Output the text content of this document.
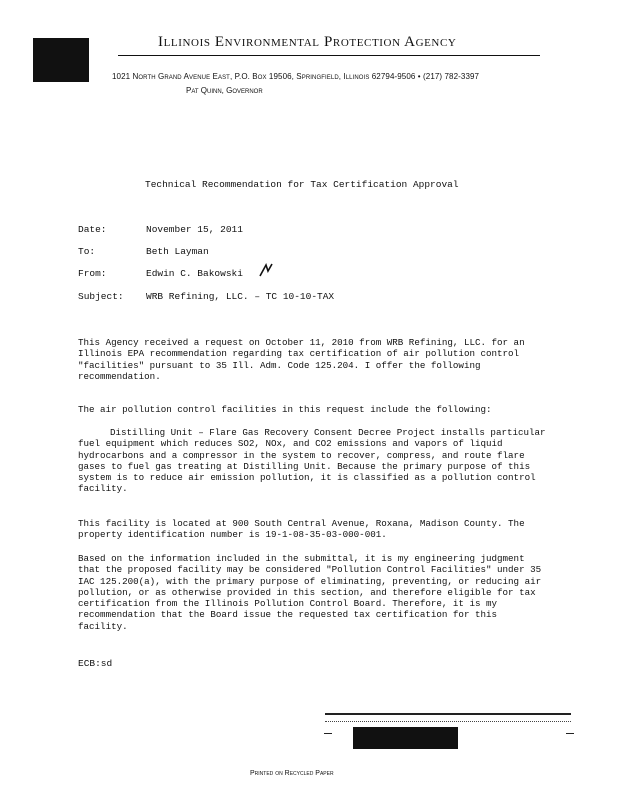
Illinois Environmental Protection Agency
1021 North Grand Avenue East, P.O. Box 19506, Springfield, Illinois 62794-9506 • (217) 782-3397
Pat Quinn, Governor
Technical Recommendation for Tax Certification Approval
Date:	November 15, 2011
To:	Beth Layman
From:	Edwin C. Bakowski
Subject: WRB Refining, LLC. – TC 10-10-TAX
This Agency received a request on October 11, 2010 from WRB Refining, LLC. for an Illinois EPA recommendation regarding tax certification of air pollution control "facilities" pursuant to 35 Ill. Adm. Code 125.204. I offer the following recommendation.
The air pollution control facilities in this request include the following:
Distilling Unit – Flare Gas Recovery Consent Decree Project installs particular fuel equipment which reduces SO2, NOx, and CO2 emissions and vapors of liquid hydrocarbons and a compressor in the system to recover, compress, and route flare gases to fuel gas treating at Distilling Unit. Because the primary purpose of this system is to reduce air emission pollution, it is classified as a pollution control facility.
This facility is located at 900 South Central Avenue, Roxana, Madison County. The property identification number is 19-1-08-35-03-000-001.
Based on the information included in the submittal, it is my engineering judgment that the proposed facility may be considered "Pollution Control Facilities" under 35 IAC 125.200(a), with the primary purpose of eliminating, preventing, or reducing air pollution, or as otherwise provided in this section, and therefore eligible for tax certification from the Illinois Pollution Control Board. Therefore, it is my recommendation that the Board issue the requested tax certification for this facility.
ECB:sd
Printed on Recycled Paper
